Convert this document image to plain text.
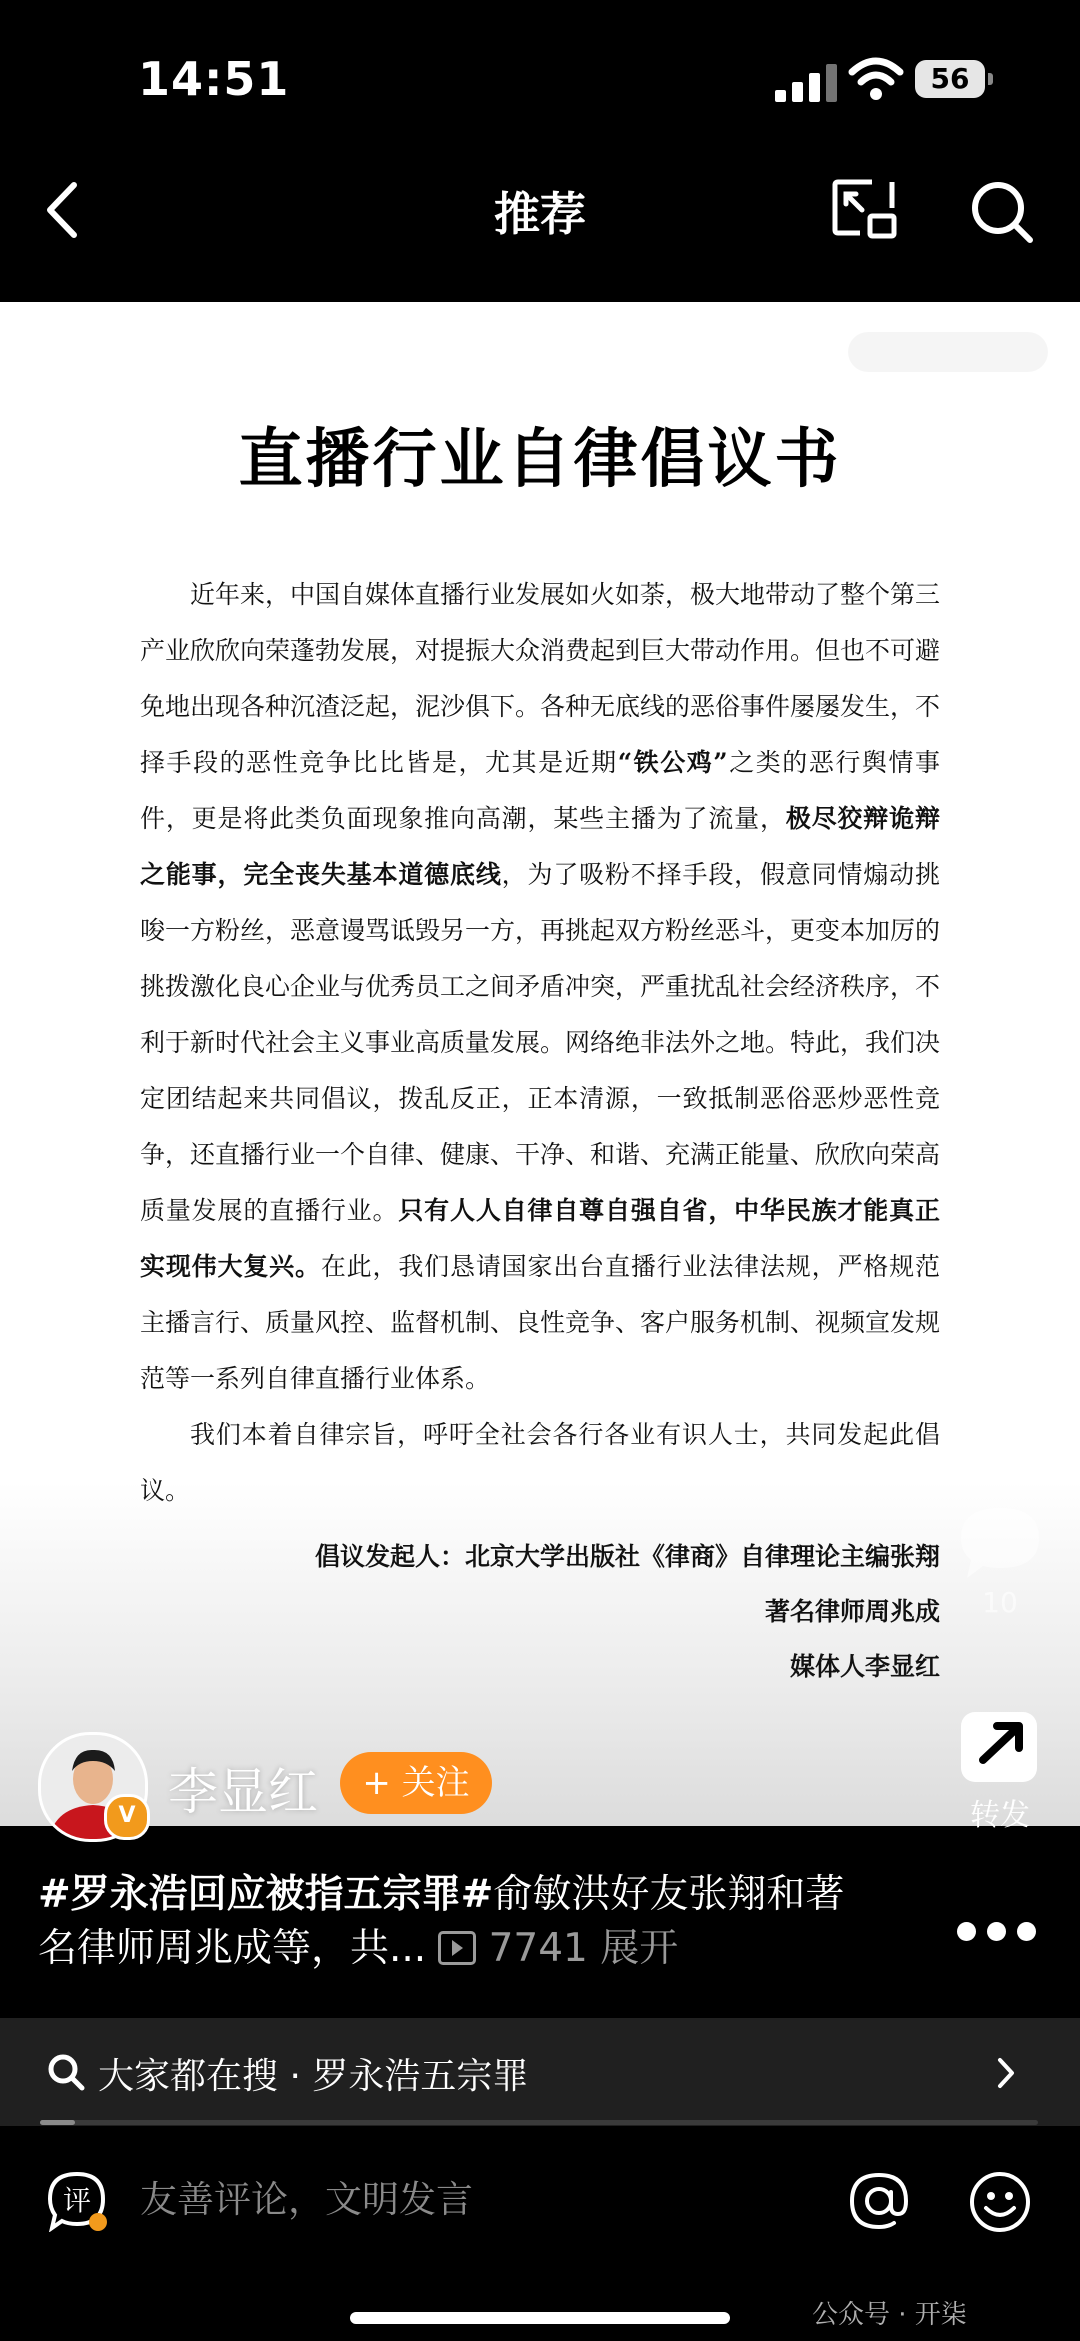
14:51	56
推荐
直播行业自律倡议书

近年来，中国自媒体直播行业发展如火如荼，极大地带动了整个第三产业欣欣向荣蓬勃发展，对提振大众消费起到巨大带动作用。但也不可避免地出现各种沉渣泛起，泥沙俱下。各种无底线的恶俗事件屡屡发生，不择手段的恶性竞争比比皆是，尤其是近期“铁公鸡”之类的恶行舆情事件，更是将此类负面现象推向高潮，某些主播为了流量，极尽狡辩诡辩之能事，完全丧失基本道德底线，为了吸粉不择手段，假意同情煽动挑唆一方粉丝，恶意谩骂诋毁另一方，再挑起双方粉丝恶斗，更变本加厉的挑拨激化良心企业与优秀员工之间矛盾冲突，严重扰乱社会经济秩序，不利于新时代社会主义事业高质量发展。网络绝非法外之地。特此，我们决定团结起来共同倡议，拨乱反正，正本清源，一致抵制恶俗恶炒恶性竞争，还直播行业一个自律、健康、干净、和谐、充满正能量、欣欣向荣高质量发展的直播行业。只有人人自律自尊自强自省，中华民族才能真正实现伟大复兴。在此，我们恳请国家出台直播行业法律法规，严格规范主播言行、质量风控、监督机制、良性竞争、客户服务机制、视频宣发规范等一系列自律直播行业体系。

我们本着自律宗旨，呼吁全社会各行各业有识人士，共同发起此倡议。

倡议发起人：北京大学出版社《律商》自律理论主编张翔
著名律师周兆成
媒体人李显红
25
10
转发
V 李显红	+ 关注
#罗永浩回应被指五宗罪#俞敏洪好友张翔和著名律师周兆成等，共... 7741 展开
大家都在搜 · 罗永浩五宗罪
评 友善评论，文明发言
公众号 · 开柒
